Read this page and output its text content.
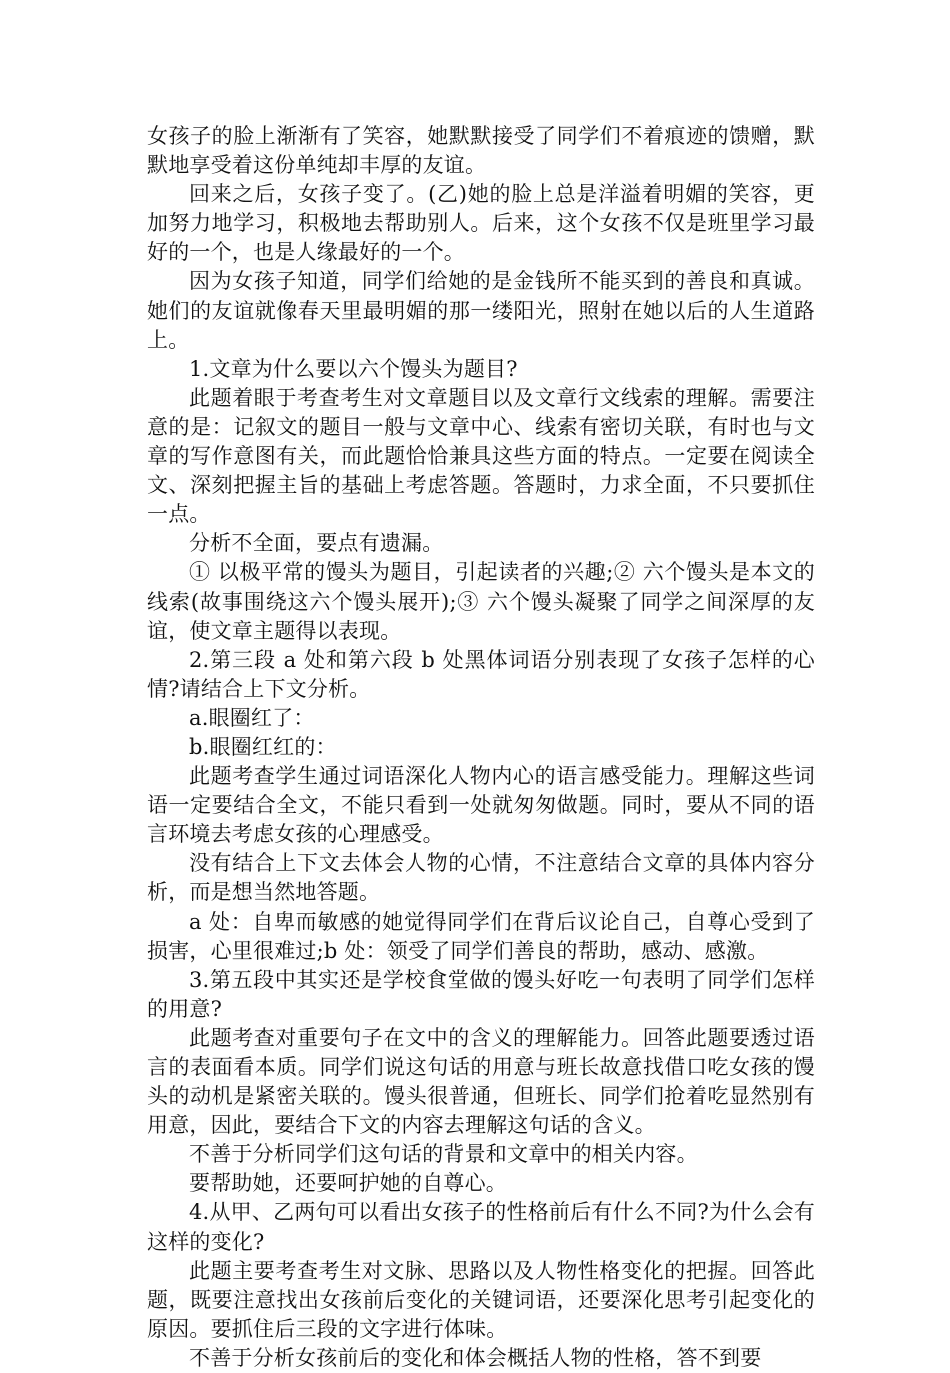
女孩子的脸上渐渐有了笑容，她默默接受了同学们不着痕迹的馈赠，默默地享受着这份单纯却丰厚的友谊。

回来之后，女孩子变了。(乙)她的脸上总是洋溢着明媚的笑容，更加努力地学习，积极地去帮助别人。后来，这个女孩不仅是班里学习最好的一个，也是人缘最好的一个。

因为女孩子知道，同学们给她的是金钱所不能买到的善良和真诚。她们的友谊就像春天里最明媚的那一缕阳光，照射在她以后的人生道路上。

1.文章为什么要以六个馒头为题目?

此题着眼于考查考生对文章题目以及文章行文线索的理解。需要注意的是：记叙文的题目一般与文章中心、线索有密切关联，有时也与文章的写作意图有关，而此题恰恰兼具这些方面的特点。一定要在阅读全文、深刻把握主旨的基础上考虑答题。答题时，力求全面，不只要抓住一点。

分析不全面，要点有遗漏。

① 以极平常的馒头为题目，引起读者的兴趣;② 六个馒头是本文的线索(故事围绕这六个馒头展开);③ 六个馒头凝聚了同学之间深厚的友谊，使文章主题得以表现。

2.第三段 a 处和第六段 b 处黑体词语分别表现了女孩子怎样的心情?请结合上下文分析。

a.眼圈红了：

b.眼圈红红的：

此题考查学生通过词语深化人物内心的语言感受能力。理解这些词语一定要结合全文，不能只看到一处就匆匆做题。同时，要从不同的语言环境去考虑女孩的心理感受。

没有结合上下文去体会人物的心情，不注意结合文章的具体内容分析，而是想当然地答题。

a 处：自卑而敏感的她觉得同学们在背后议论自己，自尊心受到了损害，心里很难过;b 处：领受了同学们善良的帮助，感动、感激。

3.第五段中其实还是学校食堂做的馒头好吃一句表明了同学们怎样的用意?

此题考查对重要句子在文中的含义的理解能力。回答此题要透过语言的表面看本质。同学们说这句话的用意与班长故意找借口吃女孩的馒头的动机是紧密关联的。馒头很普通，但班长、同学们抢着吃显然别有用意，因此，要结合下文的内容去理解这句话的含义。

不善于分析同学们这句话的背景和文章中的相关内容。

要帮助她，还要呵护她的自尊心。

4.从甲、乙两句可以看出女孩子的性格前后有什么不同?为什么会有这样的变化?

此题主要考查考生对文脉、思路以及人物性格变化的把握。回答此题，既要注意找出女孩前后变化的关键词语，还要深化思考引起变化的原因。要抓住后三段的文字进行体味。

不善于分析女孩前后的变化和体会概括人物的性格，答不到要
